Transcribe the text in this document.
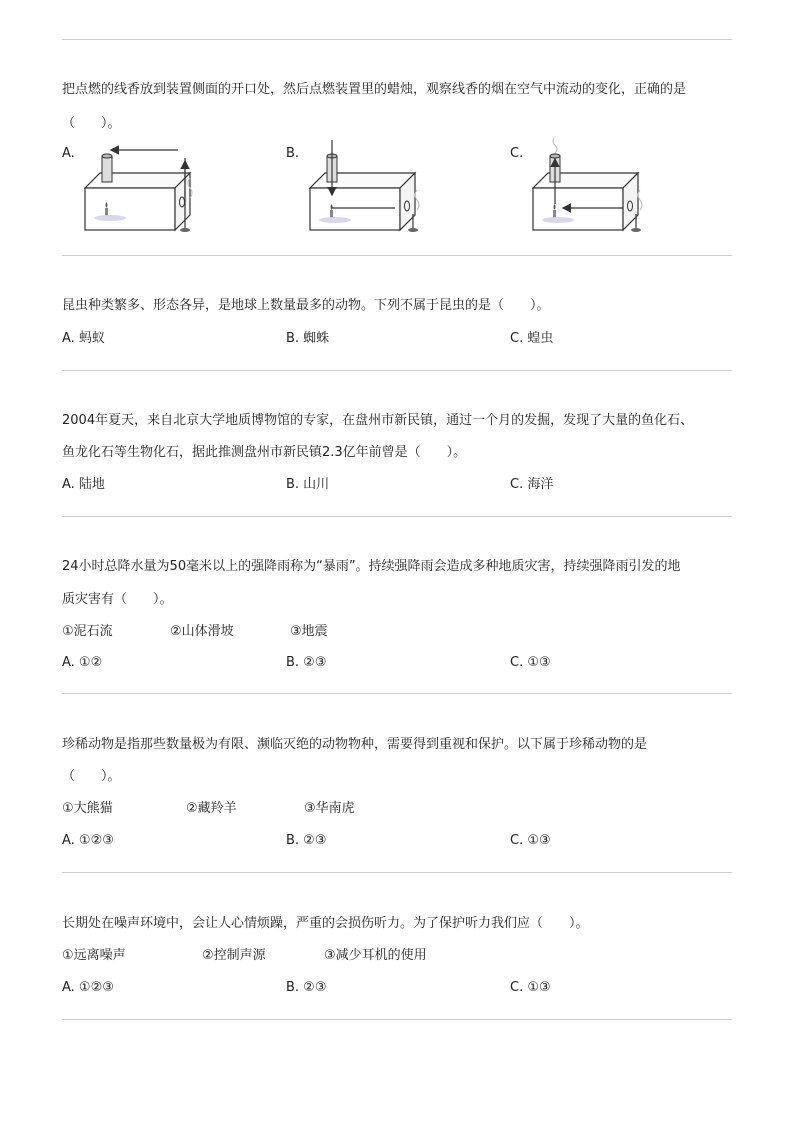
把点燃的线香放到装置侧面的开口处，然后点燃装置里的蜡烛，观察线香的烟在空气中流动的变化，正确的是
（　　）。
A.	B.	C.
昆虫种类繁多、形态各异，是地球上数量最多的动物。下列不属于昆虫的是（　　）。
A. 蚂蚁	B. 蜘蛛	C. 蝗虫
2004年夏天，来自北京大学地质博物馆的专家，在盘州市新民镇，通过一个月的发掘，发现了大量的鱼化石、
鱼龙化石等生物化石，据此推测盘州市新民镇2.3亿年前曾是（　　）。
A. 陆地	B. 山川	C. 海洋
24小时总降水量为50毫米以上的强降雨称为“暴雨”。持续强降雨会造成多种地质灾害，持续强降雨引发的地
质灾害有（　　）。
①泥石流	②山体滑坡	③地震
A. ①②	B. ②③	C. ①③
珍稀动物是指那些数量极为有限、濒临灭绝的动物物种，需要得到重视和保护。以下属于珍稀动物的是
（　　）。
①大熊猫	②藏羚羊	③华南虎
A. ①②③	B. ②③	C. ①③
长期处在噪声环境中，会让人心情烦躁，严重的会损伤听力。为了保护听力我们应（　　）。
①远离噪声	②控制声源	③减少耳机的使用
A. ①②③	B. ②③	C. ①③
